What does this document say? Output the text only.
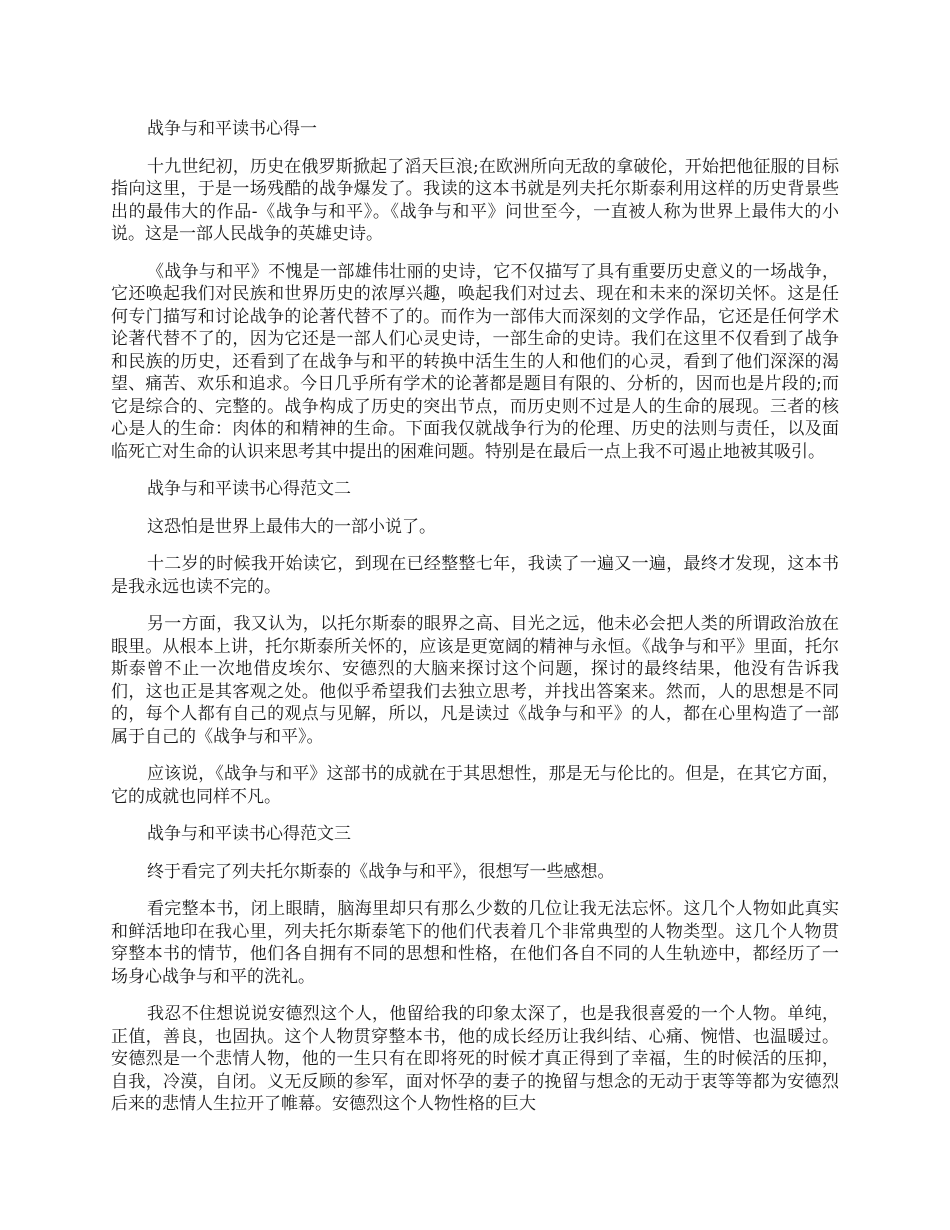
战争与和平读书心得一

十九世纪初，历史在俄罗斯掀起了滔天巨浪;在欧洲所向无敌的拿破伦，开始把他征服的目标指向这里，于是一场残酷的战争爆发了。我读的这本书就是列夫托尔斯泰利用这样的历史背景些出的最伟大的作品-《战争与和平》。《战争与和平》问世至今，一直被人称为世界上最伟大的小说。这是一部人民战争的英雄史诗。

《战争与和平》不愧是一部雄伟壮丽的史诗，它不仅描写了具有重要历史意义的一场战争，它还唤起我们对民族和世界历史的浓厚兴趣，唤起我们对过去、现在和未来的深切关怀。这是任何专门描写和讨论战争的论著代替不了的。而作为一部伟大而深刻的文学作品，它还是任何学术论著代替不了的，因为它还是一部人们心灵史诗，一部生命的史诗。我们在这里不仅看到了战争和民族的历史，还看到了在战争与和平的转换中活生生的人和他们的心灵，看到了他们深深的渴望、痛苦、欢乐和追求。今日几乎所有学术的论著都是题目有限的、分析的，因而也是片段的;而它是综合的、完整的。战争构成了历史的突出节点，而历史则不过是人的生命的展现。三者的核心是人的生命：肉体的和精神的生命。下面我仅就战争行为的伦理、历史的法则与责任，以及面临死亡对生命的认识来思考其中提出的困难问题。特别是在最后一点上我不可遏止地被其吸引。

战争与和平读书心得范文二

这恐怕是世界上最伟大的一部小说了。

十二岁的时候我开始读它，到现在已经整整七年，我读了一遍又一遍，最终才发现，这本书是我永远也读不完的。

另一方面，我又认为，以托尔斯泰的眼界之高、目光之远，他未必会把人类的所谓政治放在眼里。从根本上讲，托尔斯泰所关怀的，应该是更宽阔的精神与永恒。《战争与和平》里面，托尔斯泰曾不止一次地借皮埃尔、安德烈的大脑来探讨这个问题，探讨的最终结果，他没有告诉我们，这也正是其客观之处。他似乎希望我们去独立思考，并找出答案来。然而，人的思想是不同的，每个人都有自己的观点与见解，所以，凡是读过《战争与和平》的人，都在心里构造了一部属于自己的《战争与和平》。

应该说，《战争与和平》这部书的成就在于其思想性，那是无与伦比的。但是，在其它方面，它的成就也同样不凡。

战争与和平读书心得范文三

终于看完了列夫托尔斯泰的《战争与和平》，很想写一些感想。

看完整本书，闭上眼睛，脑海里却只有那么少数的几位让我无法忘怀。这几个人物如此真实和鲜活地印在我心里，列夫托尔斯泰笔下的他们代表着几个非常典型的人物类型。这几个人物贯穿整本书的情节，他们各自拥有不同的思想和性格，在他们各自不同的人生轨迹中，都经历了一场身心战争与和平的洗礼。

我忍不住想说说安德烈这个人，他留给我的印象太深了，也是我很喜爱的一个人物。单纯，正值，善良，也固执。这个人物贯穿整本书，他的成长经历让我纠结、心痛、惋惜、也温暖过。安德烈是一个悲情人物，他的一生只有在即将死的时候才真正得到了幸福，生的时候活的压抑，自我，冷漠，自闭。义无反顾的参军，面对怀孕的妻子的挽留与想念的无动于衷等等都为安德烈后来的悲情人生拉开了帷幕。安德烈这个人物性格的巨大
